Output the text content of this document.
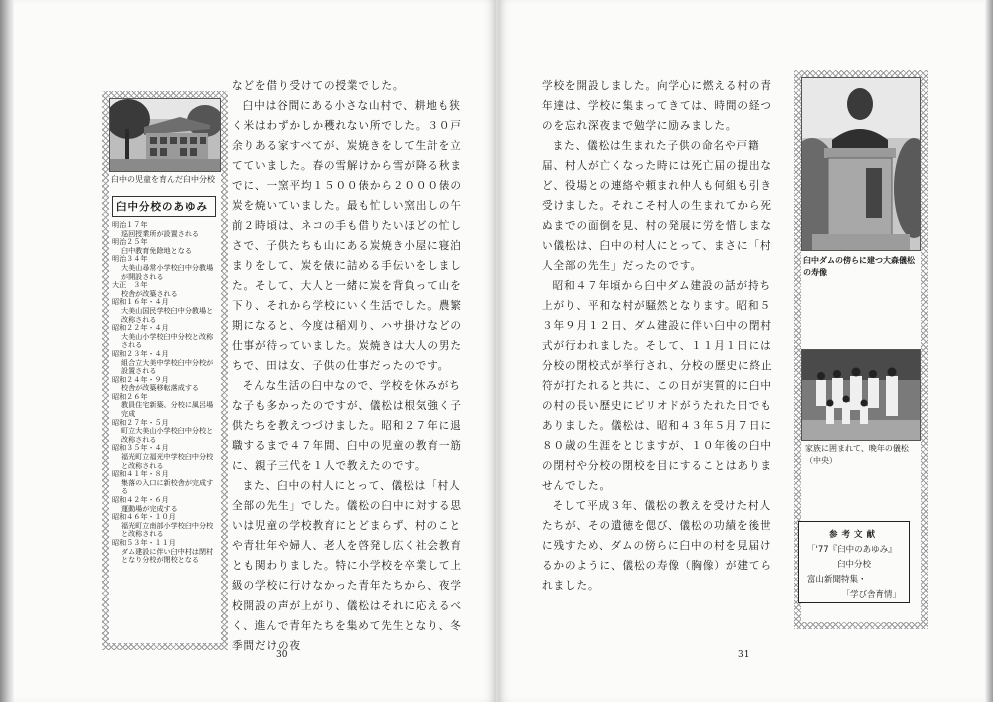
臼中の児童を育んだ臼中分校
臼中分校のあゆみ
明治１７年
巡回授業所が設置される
明治２５年
臼中教育免除地となる
明治３４年
大美山尋常小学校臼中分教場が開設される
大正　３年
校舎が改築される
昭和１６年・４月
大美山国民学校臼中分教場と改称される
昭和２２年・４月
大美山小学校臼中分校と改称される
昭和２３年・４月
組合立大美中学校臼中分校が設置される
昭和２４年・９月
校舎が改築移転落成する
昭和２６年
教員住宅新築、分校に風呂場完成
昭和２７年・５月
町立大美山小学校臼中分校と改称される
昭和３５年・４月
福光町立福光中学校臼中分校と改称される
昭和４１年・８月
集落の入口に新校舎が完成する
昭和４２年・６月
運動場が完成する
昭和４６年・１０月
福光町立南部小学校臼中分校と改称される
昭和５３年・１１月
ダム建設に伴い臼中村は閉村となり分校が閉校となる

などを借り受けての授業でした。

臼中は谷間にある小さな山村で、耕地も狭く米はわずかしか穫れない所でした。３０戸余りある家すべてが、炭焼きをして生計を立てていました。春の雪解けから雪が降る秋までに、一窯平均１５００俵から２０００俵の炭を焼いていました。最も忙しい窯出しの午前２時頃は、ネコの手も借りたいほどの忙しさで、子供たちも山にある炭焼き小屋に寝泊まりをして、炭を俵に詰める手伝いをしました。そして、大人と一緒に炭を背負って山を下り、それから学校にいく生活でした。農繁期になると、今度は稲刈り、ハサ掛けなどの仕事が待っていました。炭焼きは大人の男たちで、田は女、子供の仕事だったのです。

そんな生活の臼中なので、学校を休みがちな子も多かったのですが、儀松は根気強く子供たちを教えつづけました。昭和２７年に退職するまで４７年間、臼中の児童の教育一筋に、親子三代を１人で教えたのです。

また、臼中の村人にとって、儀松は「村人全部の先生」でした。儀松の臼中に対する思いは児童の学校教育にとどまらず、村のことや青壮年や婦人、老人を啓発し広く社会教育とも関わりました。特に小学校を卒業して上級の学校に行けなかった青年たちから、夜学校開設の声が上がり、儀松はそれに応えるべく、進んで青年たちを集めて先生となり、冬季間だけの夜

30

学校を開設しました。向学心に燃える村の青年達は、学校に集まってきては、時間の経つのを忘れ深夜まで勉学に励みました。

また、儀松は生まれた子供の命名や戸籍届、村人が亡くなった時には死亡届の提出など、役場との連絡や頼まれ仲人も何組も引き受けました。それこそ村人の生まれてから死ぬまでの面倒を見、村の発展に労を惜しまない儀松は、臼中の村人にとって、まさに「村人全部の先生」だったのです。

昭和４７年頃から臼中ダム建設の話が持ち上がり、平和な村が騒然となります。昭和５３年９月１２日、ダム建設に伴い臼中の閉村式が行われました。そして、１１月１日には分校の閉校式が挙行され、分校の歴史に終止符が打たれると共に、この日が実質的に臼中の村の長い歴史にピリオドがうたれた日でもありました。儀松は、昭和４３年５月７日に８０歳の生涯をとじますが、１０年後の臼中の閉村や分校の閉校を目にすることはありませんでした。

そして平成３年、儀松の教えを受けた村人たちが、その遺徳を偲び、儀松の功績を後世に残すため、ダムの傍らに臼中の村を見届けるかのように、儀松の寿像（胸像）が建てられました。

臼中ダムの傍らに建つ大森儀松の寿像
家族に囲まれて、晩年の儀松（中央）
参考文献
「'77『臼中のあゆみ』
臼中分校
富山新聞特集・
「学び舎育情」
31
